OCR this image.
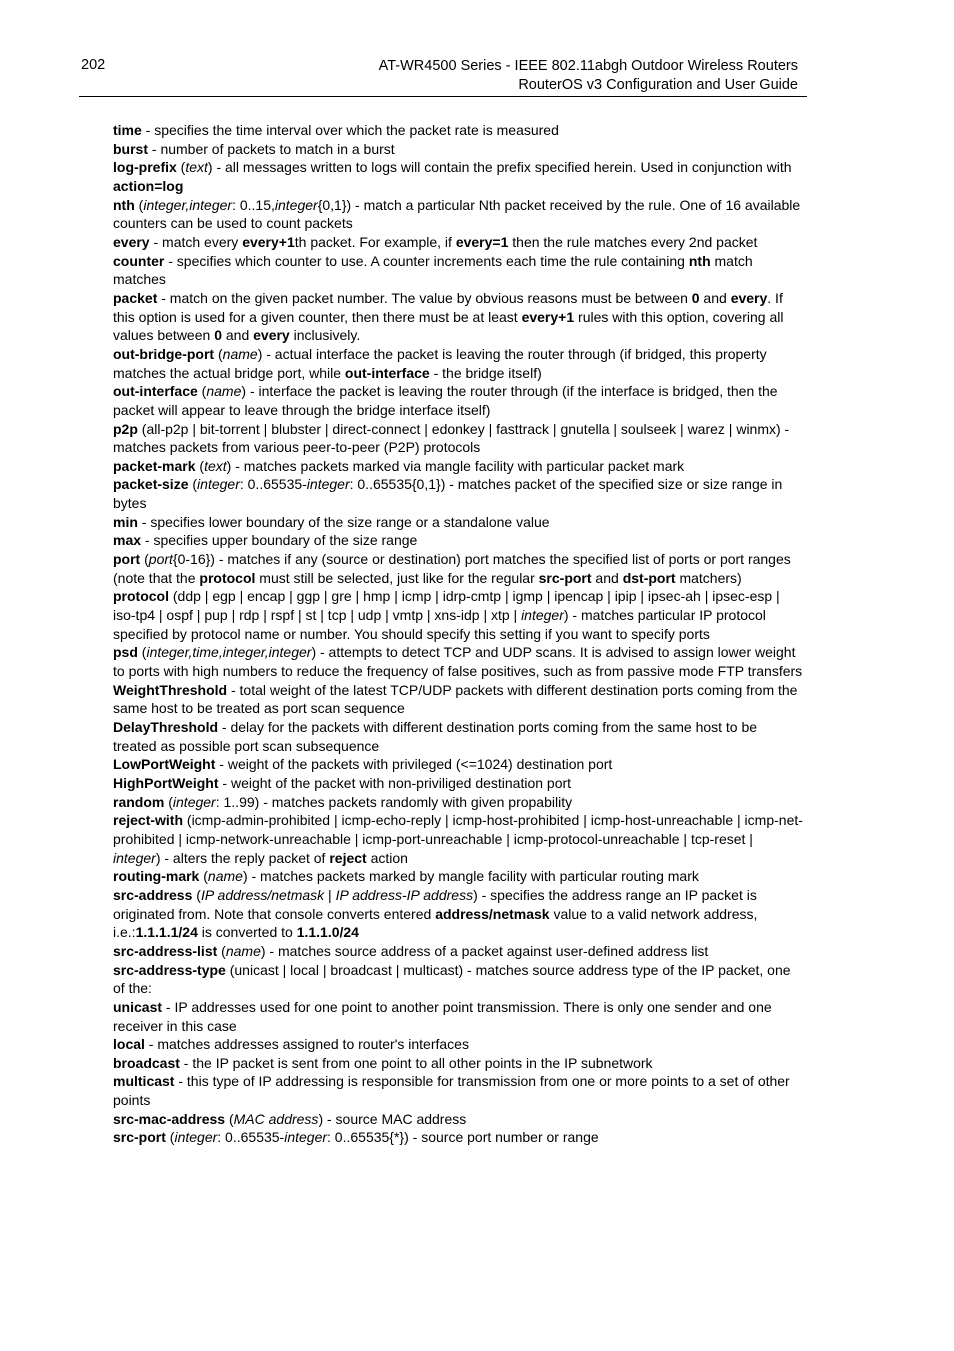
202	AT-WR4500 Series - IEEE 802.11abgh Outdoor Wireless Routers
RouterOS v3 Configuration and User Guide

time - specifies the time interval over which the packet rate is measured

burst - number of packets to match in a burst

log-prefix (text) - all messages written to logs will contain the prefix specified herein. Used in conjunction with action=log

nth (integer,integer: 0..15,integer{0,1}) - match a particular Nth packet received by the rule. One of 16 available counters can be used to count packets

every - match every every+1th packet. For example, if every=1 then the rule matches every 2nd packet

counter - specifies which counter to use. A counter increments each time the rule containing nth match matches

packet - match on the given packet number. The value by obvious reasons must be between 0 and every. If this option is used for a given counter, then there must be at least every+1 rules with this option, covering all values between 0 and every inclusively.

out-bridge-port (name) - actual interface the packet is leaving the router through (if bridged, this property matches the actual bridge port, while out-interface - the bridge itself)

out-interface (name) - interface the packet is leaving the router through (if the interface is bridged, then the packet will appear to leave through the bridge interface itself)

p2p (all-p2p | bit-torrent | blubster | direct-connect | edonkey | fasttrack | gnutella | soulseek | warez | winmx) - matches packets from various peer-to-peer (P2P) protocols

packet-mark (text) - matches packets marked via mangle facility with particular packet mark

packet-size (integer: 0..65535-integer: 0..65535{0,1}) - matches packet of the specified size or size range in bytes

min - specifies lower boundary of the size range or a standalone value

max - specifies upper boundary of the size range

port (port{0-16}) - matches if any (source or destination) port matches the specified list of ports or port ranges (note that the protocol must still be selected, just like for the regular src-port and dst-port matchers)

protocol (ddp | egp | encap | ggp | gre | hmp | icmp | idrp-cmtp | igmp | ipencap | ipip | ipsec-ah | ipsec-esp | iso-tp4 | ospf | pup | rdp | rspf | st | tcp | udp | vmtp | xns-idp | xtp | integer) - matches particular IP protocol specified by protocol name or number. You should specify this setting if you want to specify ports

psd (integer,time,integer,integer) - attempts to detect TCP and UDP scans. It is advised to assign lower weight to ports with high numbers to reduce the frequency of false positives, such as from passive mode FTP transfers

WeightThreshold - total weight of the latest TCP/UDP packets with different destination ports coming from the same host to be treated as port scan sequence

DelayThreshold - delay for the packets with different destination ports coming from the same host to be treated as possible port scan subsequence

LowPortWeight - weight of the packets with privileged (<=1024) destination port

HighPortWeight - weight of the packet with non-priviliged destination port

random (integer: 1..99) - matches packets randomly with given propability

reject-with (icmp-admin-prohibited | icmp-echo-reply | icmp-host-prohibited | icmp-host-unreachable | icmp-net-prohibited | icmp-network-unreachable | icmp-port-unreachable | icmp-protocol-unreachable | tcp-reset | integer) - alters the reply packet of reject action

routing-mark (name) - matches packets marked by mangle facility with particular routing mark

src-address (IP address/netmask | IP address-IP address) - specifies the address range an IP packet is originated from. Note that console converts entered address/netmask value to a valid network address, i.e.:1.1.1.1/24 is converted to 1.1.1.0/24

src-address-list (name) - matches source address of a packet against user-defined address list

src-address-type (unicast | local | broadcast | multicast) - matches source address type of the IP packet, one of the:

unicast - IP addresses used for one point to another point transmission. There is only one sender and one receiver in this case

local - matches addresses assigned to router's interfaces

broadcast - the IP packet is sent from one point to all other points in the IP subnetwork

multicast - this type of IP addressing is responsible for transmission from one or more points to a set of other points

src-mac-address (MAC address) - source MAC address

src-port (integer: 0..65535-integer: 0..65535{*}) - source port number or range
